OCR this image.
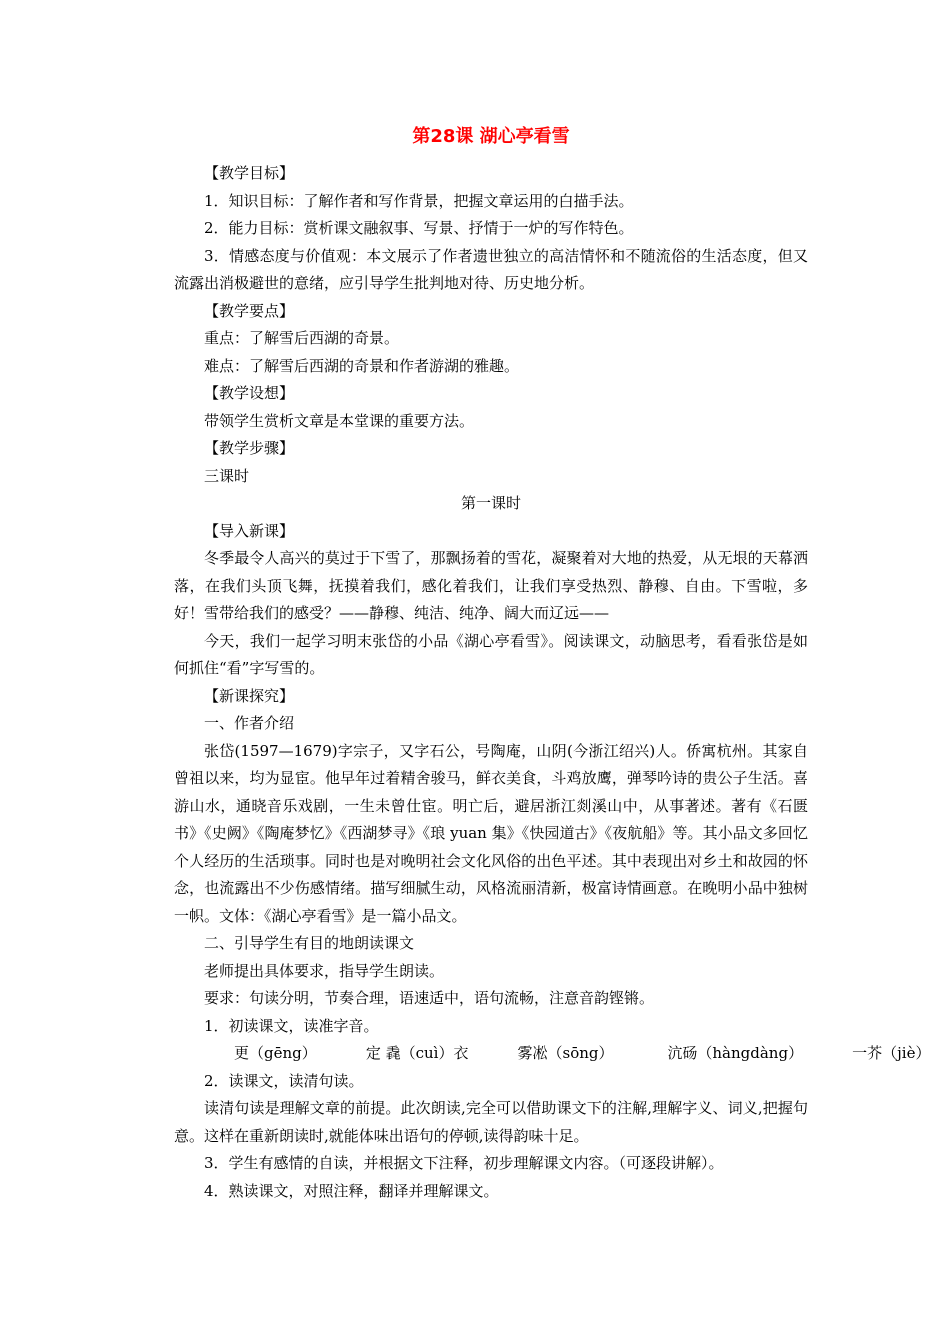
第28课 湖心亭看雪

【教学目标】

1．知识目标：了解作者和写作背景，把握文章运用的白描手法。

2．能力目标：赏析课文融叙事、写景、抒情于一炉的写作特色。

3．情感态度与价值观：本文展示了作者遗世独立的高洁情怀和不随流俗的生活态度，但又流露出消极避世的意绪，应引导学生批判地对待、历史地分析。

【教学要点】

重点：了解雪后西湖的奇景。

难点：了解雪后西湖的奇景和作者游湖的雅趣。

【教学设想】

带领学生赏析文章是本堂课的重要方法。

【教学步骤】

三课时

第一课时

【导入新课】

冬季最令人高兴的莫过于下雪了，那飘扬着的雪花，凝聚着对大地的热爱，从无垠的天幕洒落，在我们头顶飞舞，抚摸着我们，感化着我们，让我们享受热烈、静穆、自由。下雪啦，多好！雪带给我们的感受？——静穆、纯洁、纯净、阔大而辽远——

今天，我们一起学习明末张岱的小品《湖心亭看雪》。阅读课文，动脑思考，看看张岱是如何抓住“看”字写雪的。

【新课探究】

一、作者介绍

张岱(1597—1679)字宗子，又字石公，号陶庵，山阴(今浙江绍兴)人。侨寓杭州。其家自曾祖以来，均为显宦。他早年过着精舍骏马，鲜衣美食，斗鸡放鹰，弹琴吟诗的贵公子生活。喜游山水，通晓音乐戏剧，一生未曾仕宦。明亡后，避居浙江剡溪山中，从事著述。著有《石匮书》《史阙》《陶庵梦忆》《西湖梦寻》《琅 yuan 集》《快园道古》《夜航船》等。其小品文多回忆个人经历的生活琐事。同时也是对晚明社会文化风俗的出色平述。其中表现出对乡土和故园的怀念，也流露出不少伤感情绪。描写细腻生动，风格流丽清新，极富诗情画意。在晚明小品中独树一帜。文体：《湖心亭看雪》是一篇小品文。

二、引导学生有目的地朗读课文

老师提出具体要求，指导学生朗读。

要求：句读分明，节奏合理，语速适中，语句流畅，注意音韵铿锵。

1．初读课文，读准字音。

更（gēng）	定 毳（cuì）衣	雾凇（sōng）	沆砀（hàngdàng）	一芥（jiè）

2．读课文，读清句读。

读清句读是理解文章的前提。此次朗读,完全可以借助课文下的注解,理解字义、词义,把握句意。这样在重新朗读时,就能体味出语句的停顿,读得韵味十足。

3．学生有感情的自读，并根据文下注释，初步理解课文内容。（可逐段讲解）。

4．熟读课文，对照注释，翻译并理解课文。
